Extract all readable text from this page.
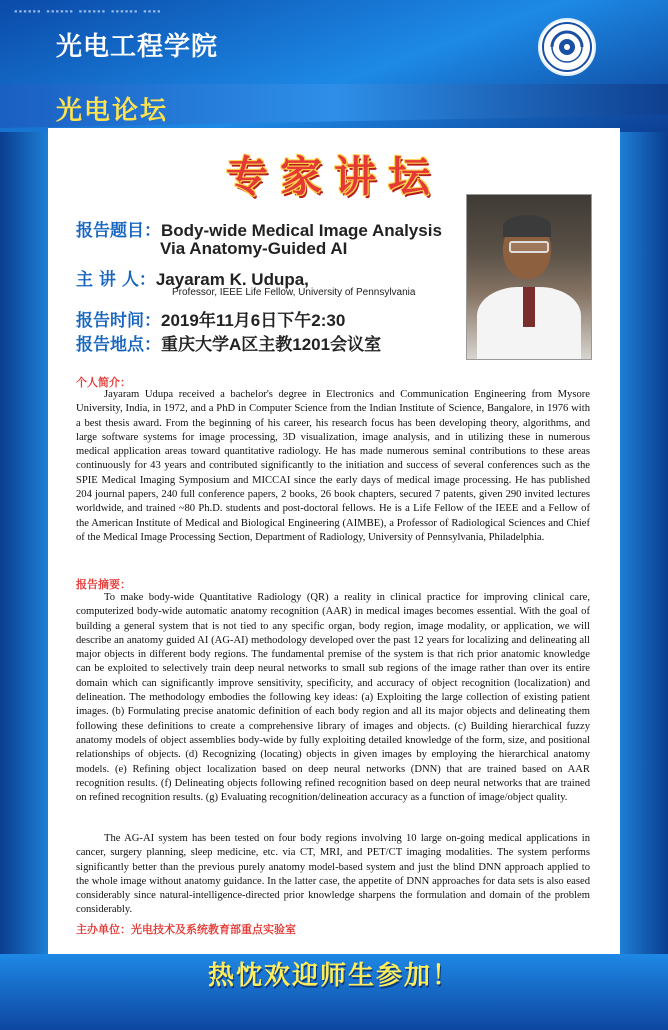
▪▪▪▪▪▪ ▪▪▪▪▪▪ ▪▪▪▪▪▪ ▪▪▪▪▪▪ ▪▪▪▪
光电工程学院
光电论坛
专家讲坛
报告题目：Body-wide Medical Image Analysis
Via Anatomy-Guided AI
主 讲 人：Jayaram K. Udupa,
Professor, IEEE Life Fellow, University of Pennsylvania
报告时间：2019年11月6日下午2:30
报告地点：重庆大学A区主教1201会议室
个人简介：

Jayaram Udupa received a bachelor's degree in Electronics and Communication Engineering from Mysore University, India, in 1972, and a PhD in Computer Science from the Indian Institute of Science, Bangalore, in 1976 with a best thesis award. From the beginning of his career, his research focus has been developing theory, algorithms, and large software systems for image processing, 3D visualization, image analysis, and in utilizing these in numerous medical application areas toward quantitative radiology. He has made numerous seminal contributions to these areas continuously for 43 years and contributed significantly to the initiation and success of several conferences such as the SPIE Medical Imaging Symposium and MICCAI since the early days of medical image processing. He has published 204 journal papers, 240 full conference papers, 2 books, 26 book chapters, secured 7 patents, given 290 invited lectures worldwide, and trained ~80 Ph.D. students and post-doctoral fellows. He is a Life Fellow of the IEEE and a Fellow of the American Institute of Medical and Biological Engineering (AIMBE), a Professor of Radiological Sciences and Chief of the Medical Image Processing Section, Department of Radiology, University of Pennsylvania, Philadelphia.

报告摘要：

To make body-wide Quantitative Radiology (QR) a reality in clinical practice for improving clinical care, computerized body-wide automatic anatomy recognition (AAR) in medical images becomes essential. With the goal of building a general system that is not tied to any specific organ, body region, image modality, or application, we will describe an anatomy guided AI (AG-AI) methodology developed over the past 12 years for localizing and delineating all major objects in different body regions. The fundamental premise of the system is that rich prior anatomic knowledge can be exploited to selectively train deep neural networks to small sub regions of the image rather than over its entire domain which can significantly improve sensitivity, specificity, and accuracy of object recognition (localization) and delineation. The methodology embodies the following key ideas: (a) Exploiting the large collection of existing patient images. (b) Formulating precise anatomic definition of each body region and all its major objects and delineating them following these definitions to create a comprehensive library of images and objects. (c) Building hierarchical fuzzy anatomy models of object assemblies body-wide by fully exploiting detailed knowledge of the form, size, and positional relationships of objects. (d) Recognizing (locating) objects in given images by employing the hierarchical anatomy models. (e) Refining object localization based on deep neural networks (DNN) that are trained based on AAR recognition results. (f) Delineating objects following refined recognition based on deep neural networks that are trained on refined recognition results. (g) Evaluating recognition/delineation accuracy as a function of image/object quality.

The AG-AI system has been tested on four body regions involving 10 large on-going medical applications in cancer, surgery planning, sleep medicine, etc. via CT, MRI, and PET/CT imaging modalities. The system performs significantly better than the previous purely anatomy model-based system and just the blind DNN approach applied to the whole image without anatomy guidance. In the latter case, the appetite of DNN approaches for data sets is also eased considerably since natural-intelligence-directed prior knowledge sharpens the formulation and domain of the problem considerably.

主办单位：光电技术及系统教育部重点实验室
热忱欢迎师生参加！
